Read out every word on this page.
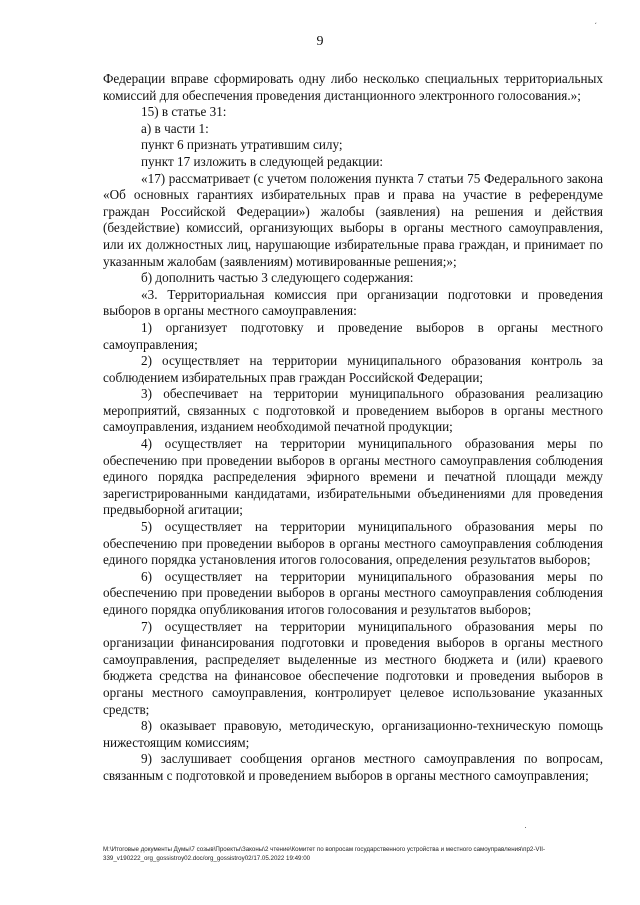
9

Федерации вправе сформировать одну либо несколько специальных территориальных комиссий для обеспечения проведения дистанционного электронного голосования.»;

15) в статье 31:

а) в части 1:

пункт 6 признать утратившим силу;

пункт 17 изложить в следующей редакции:

«17) рассматривает (с учетом положения пункта 7 статьи 75 Федерального закона «Об основных гарантиях избирательных прав и права на участие в референдуме граждан Российской Федерации») жалобы (заявления) на решения и действия (бездействие) комиссий, организующих выборы в органы местного самоуправления, или их должностных лиц, нарушающие избирательные права граждан, и принимает по указанным жалобам (заявлениям) мотивированные решения;»;

б) дополнить частью 3 следующего содержания:

«3. Территориальная комиссия при организации подготовки и проведения выборов в органы местного самоуправления:

1) организует подготовку и проведение выборов в органы местного самоуправления;

2) осуществляет на территории муниципального образования контроль за соблюдением избирательных прав граждан Российской Федерации;

3) обеспечивает на территории муниципального образования реализацию мероприятий, связанных с подготовкой и проведением выборов в органы местного самоуправления, изданием необходимой печатной продукции;

4) осуществляет на территории муниципального образования меры по обеспечению при проведении выборов в органы местного самоуправления соблюдения единого порядка распределения эфирного времени и печатной площади между зарегистрированными кандидатами, избирательными объединениями для проведения предвыборной агитации;

5) осуществляет на территории муниципального образования меры по обеспечению при проведении выборов в органы местного самоуправления соблюдения единого порядка установления итогов голосования, определения результатов выборов;

6) осуществляет на территории муниципального образования меры по обеспечению при проведении выборов в органы местного самоуправления соблюдения единого порядка опубликования итогов голосования и результатов выборов;

7) осуществляет на территории муниципального образования меры по организации финансирования подготовки и проведения выборов в органы местного самоуправления, распределяет выделенные из местного бюджета и (или) краевого бюджета средства на финансовое обеспечение подготовки и проведения выборов в органы местного самоуправления, контролирует целевое использование указанных средств;

8) оказывает правовую, методическую, организационно-техническую помощь нижестоящим комиссиям;

9) заслушивает сообщения органов местного самоуправления по вопросам, связанным с подготовкой и проведением выборов в органы местного самоуправления;

М:\Итоговые документы Думы\7 созыв\Проекты\Законы\2 чтение\Комитет по вопросам государственного устройства и местного самоуправления\пр2-VII-339_v190222_org_gossistroy02.doc/org_gossistroy02/17.05.2022 19:49:00
ˏ
·
